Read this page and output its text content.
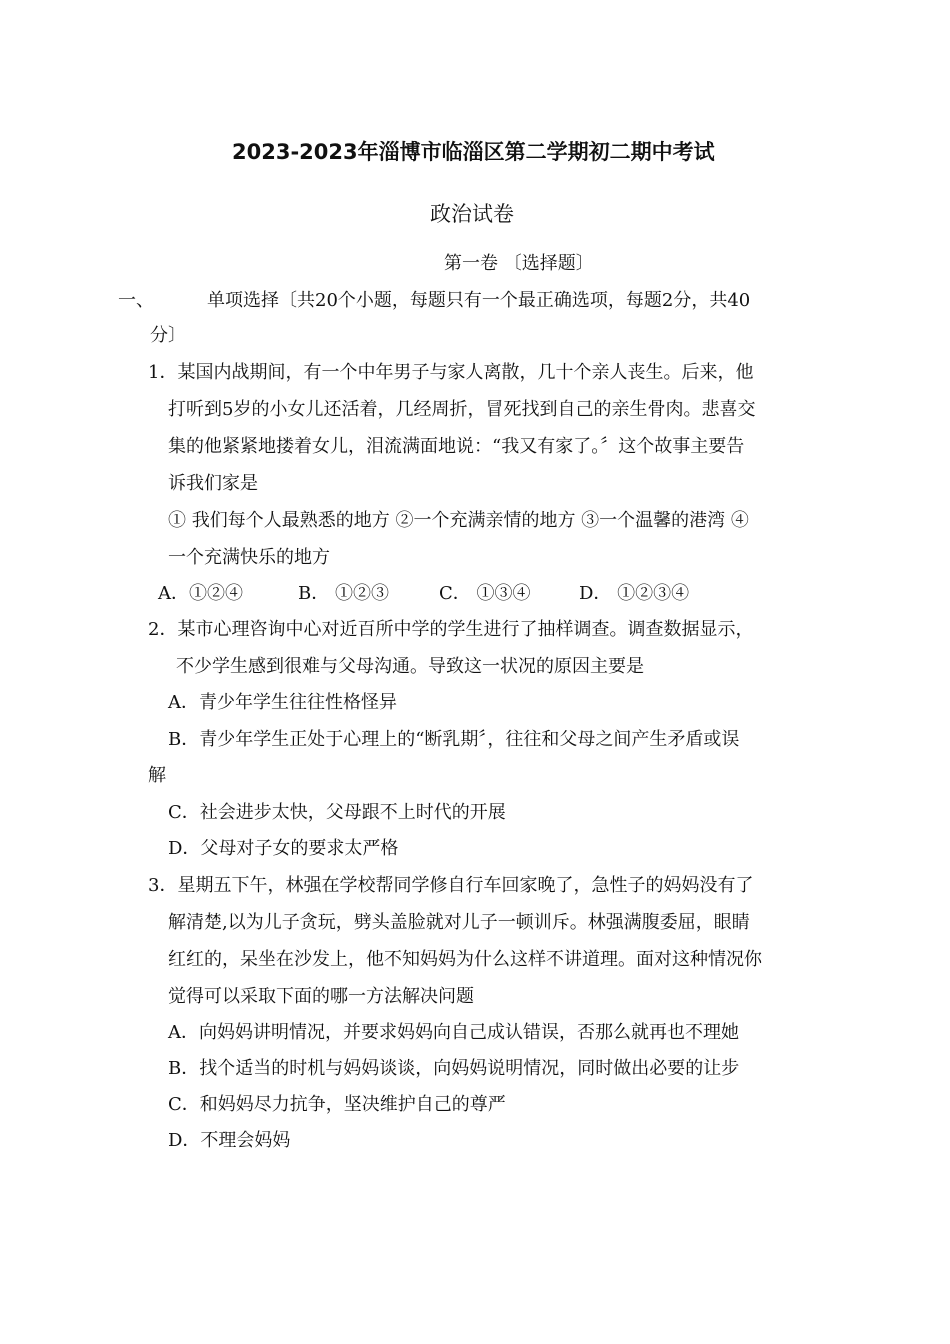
2023-2023年淄博市临淄区第二学期初二期中考试
政治试卷
第一卷 〔选择题〕
一、	单项选择〔共20个小题，每题只有一个最正确选项，每题2分，共40
分〕
1．某国内战期间，有一个中年男子与家人离散，几十个亲人丧生。后来，他
打听到5岁的小女儿还活着，几经周折，冒死找到自己的亲生骨肉。悲喜交
集的他紧紧地搂着女儿，泪流满面地说：“我又有家了。〞这个故事主要告
诉我们家是
① 我们每个人最熟悉的地方 ②一个充满亲情的地方 ③一个温馨的港湾 ④
一个充满快乐的地方
A．①②④	B． ①②③	C． ①③④	D． ①②③④
2．某市心理咨询中心对近百所中学的学生进行了抽样调查。调查数据显示，
不少学生感到很难与父母沟通。导致这一状况的原因主要是
A．青少年学生往往性格怪异
B．青少年学生正处于心理上的“断乳期〞，往往和父母之间产生矛盾或误
解
C．社会进步太快，父母跟不上时代的开展
D．父母对子女的要求太严格
3．星期五下午，林强在学校帮同学修自行车回家晚了，急性子的妈妈没有了
解清楚,以为儿子贪玩，劈头盖脸就对儿子一顿训斥。林强满腹委屈，眼睛
红红的，呆坐在沙发上，他不知妈妈为什么这样不讲道理。面对这种情况你
觉得可以采取下面的哪一方法解决问题
A．向妈妈讲明情况，并要求妈妈向自己成认错误，否那么就再也不理她
B．找个适当的时机与妈妈谈谈，向妈妈说明情况，同时做出必要的让步
C．和妈妈尽力抗争，坚决维护自己的尊严
D．不理会妈妈
